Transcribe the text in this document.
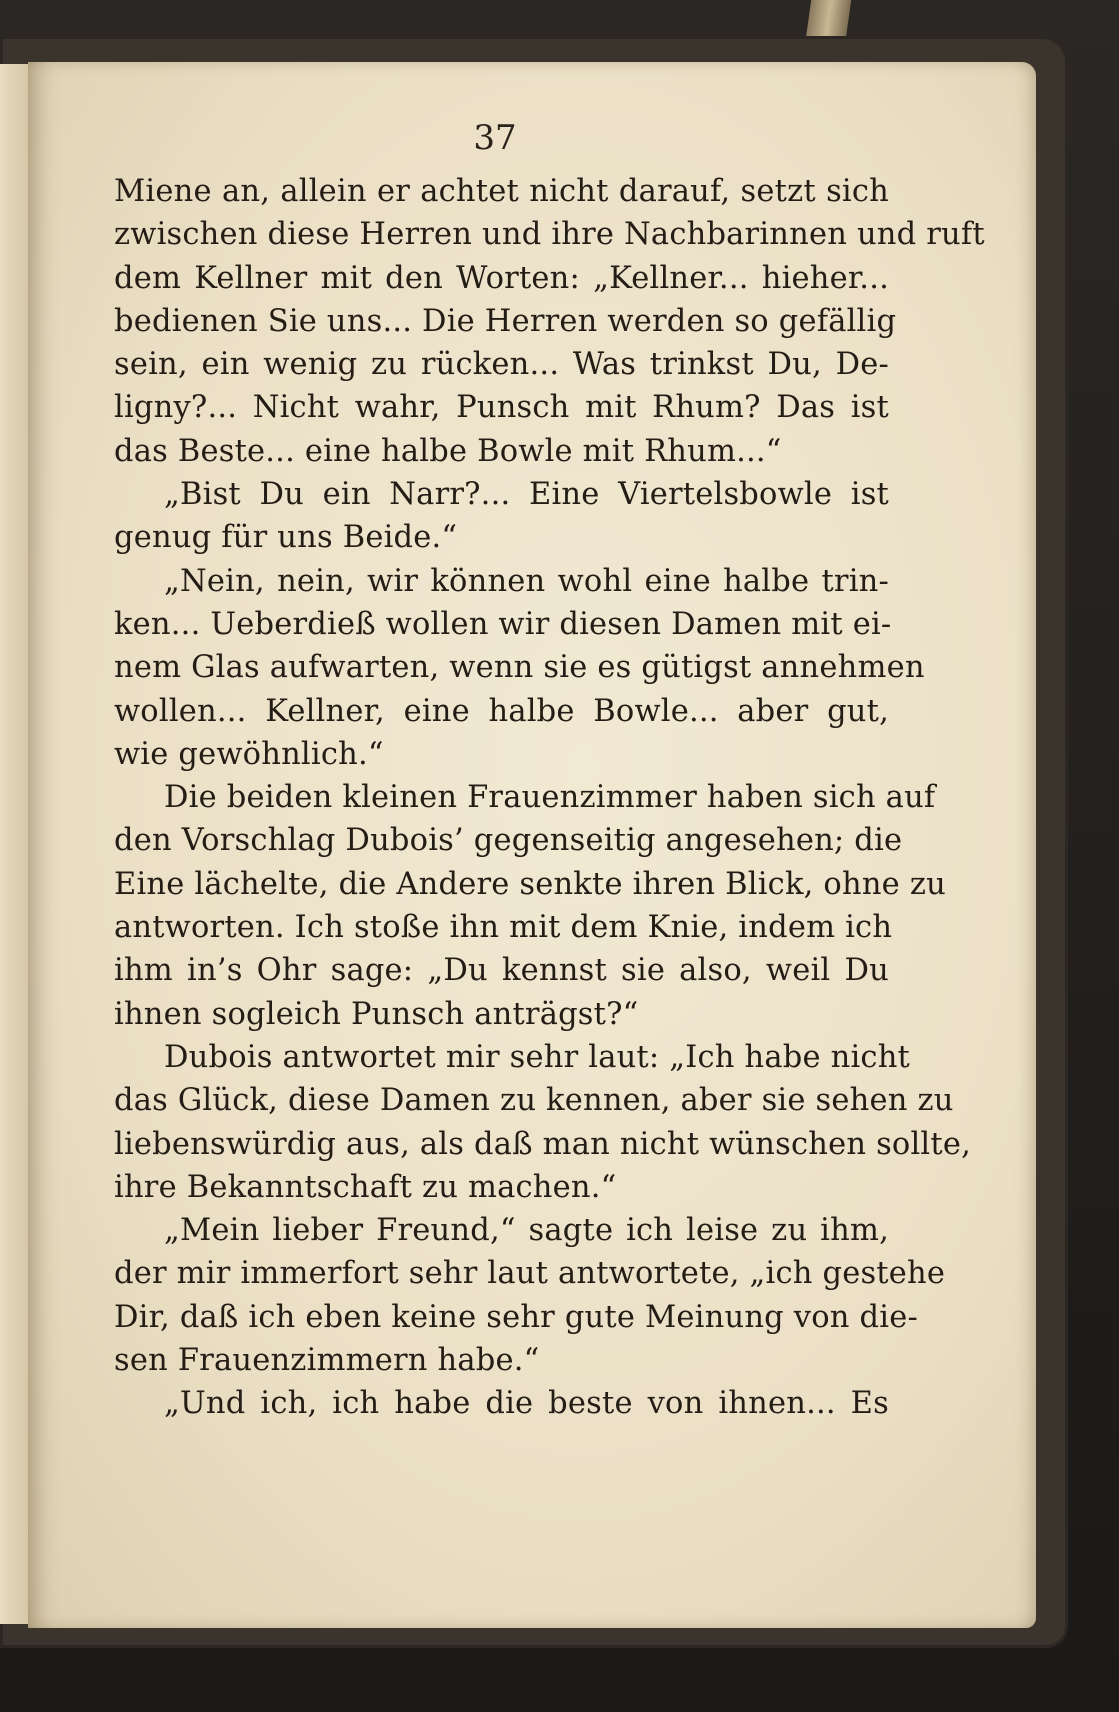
37
Miene an, allein er achtet nicht darauf, setzt sich
zwischen diese Herren und ihre Nachbarinnen und ruft
dem Kellner mit den Worten: „Kellner... hieher...
bedienen Sie uns... Die Herren werden so gefällig
sein, ein wenig zu rücken... Was trinkst Du, De-
ligny?... Nicht wahr, Punsch mit Rhum? Das ist
das Beste... eine halbe Bowle mit Rhum...“
„Bist Du ein Narr?... Eine Viertelsbowle ist
genug für uns Beide.“
„Nein, nein, wir können wohl eine halbe trin-
ken... Ueberdieß wollen wir diesen Damen mit ei-
nem Glas aufwarten, wenn sie es gütigst annehmen
wollen... Kellner, eine halbe Bowle... aber gut,
wie gewöhnlich.“
Die beiden kleinen Frauenzimmer haben sich auf
den Vorschlag Dubois’ gegenseitig angesehen; die
Eine lächelte, die Andere senkte ihren Blick, ohne zu
antworten. Ich stoße ihn mit dem Knie, indem ich
ihm in’s Ohr sage: „Du kennst sie also, weil Du
ihnen sogleich Punsch anträgst?“
Dubois antwortet mir sehr laut: „Ich habe nicht
das Glück, diese Damen zu kennen, aber sie sehen zu
liebenswürdig aus, als daß man nicht wünschen sollte,
ihre Bekanntschaft zu machen.“
„Mein lieber Freund,“ sagte ich leise zu ihm,
der mir immerfort sehr laut antwortete, „ich gestehe
Dir, daß ich eben keine sehr gute Meinung von die-
sen Frauenzimmern habe.“
„Und ich, ich habe die beste von ihnen... Es
